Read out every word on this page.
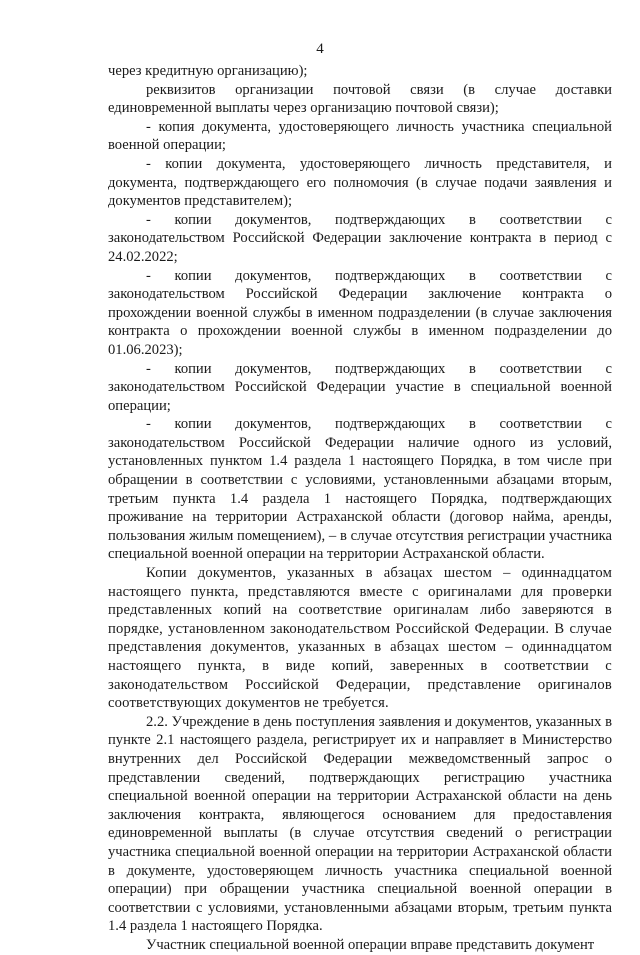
4

через кредитную организацию);

реквизитов организации почтовой связи (в случае доставки единовременной выплаты через организацию почтовой связи);

- копия документа, удостоверяющего личность участника специальной военной операции;

- копии документа, удостоверяющего личность представителя, и документа, подтверждающего его полномочия (в случае подачи заявления и документов представителем);

- копии документов, подтверждающих в соответствии с законодательством Российской Федерации заключение контракта в период с 24.02.2022;

- копии документов, подтверждающих в соответствии с законодательством Российской Федерации заключение контракта о прохождении военной службы в именном подразделении (в случае заключения контракта о прохождении военной службы в именном подразделении до 01.06.2023);

- копии документов, подтверждающих в соответствии с законодательством Российской Федерации участие в специальной военной операции;

- копии документов, подтверждающих в соответствии с законодательством Российской Федерации наличие одного из условий, установленных пунктом 1.4 раздела 1 настоящего Порядка, в том числе при обращении в соответствии с условиями, установленными абзацами вторым, третьим пункта 1.4 раздела 1 настоящего Порядка, подтверждающих проживание на территории Астраханской области (договор найма, аренды, пользования жилым помещением), – в случае отсутствия регистрации участника специальной военной операции на территории Астраханской области.

Копии документов, указанных в абзацах шестом – одиннадцатом настоящего пункта, представляются вместе с оригиналами для проверки представленных копий на соответствие оригиналам либо заверяются в порядке, установленном законодательством Российской Федерации. В случае представления документов, указанных в абзацах шестом – одиннадцатом настоящего пункта, в виде копий, заверенных в соответствии с законодательством Российской Федерации, представление оригиналов соответствующих документов не требуется.

2.2. Учреждение в день поступления заявления и документов, указанных в пункте 2.1 настоящего раздела, регистрирует их и направляет в Министерство внутренних дел Российской Федерации межведомственный запрос о представлении сведений, подтверждающих регистрацию участника специальной военной операции на территории Астраханской области на день заключения контракта, являющегося основанием для предоставления единовременной выплаты (в случае отсутствия сведений о регистрации участника специальной военной операции на территории Астраханской области в документе, удостоверяющем личность участника специальной военной операции) при обращении участника специальной военной операции в соответствии с условиями, установленными абзацами вторым, третьим пункта 1.4 раздела 1 настоящего Порядка.

Участник специальной военной операции вправе представить документ
